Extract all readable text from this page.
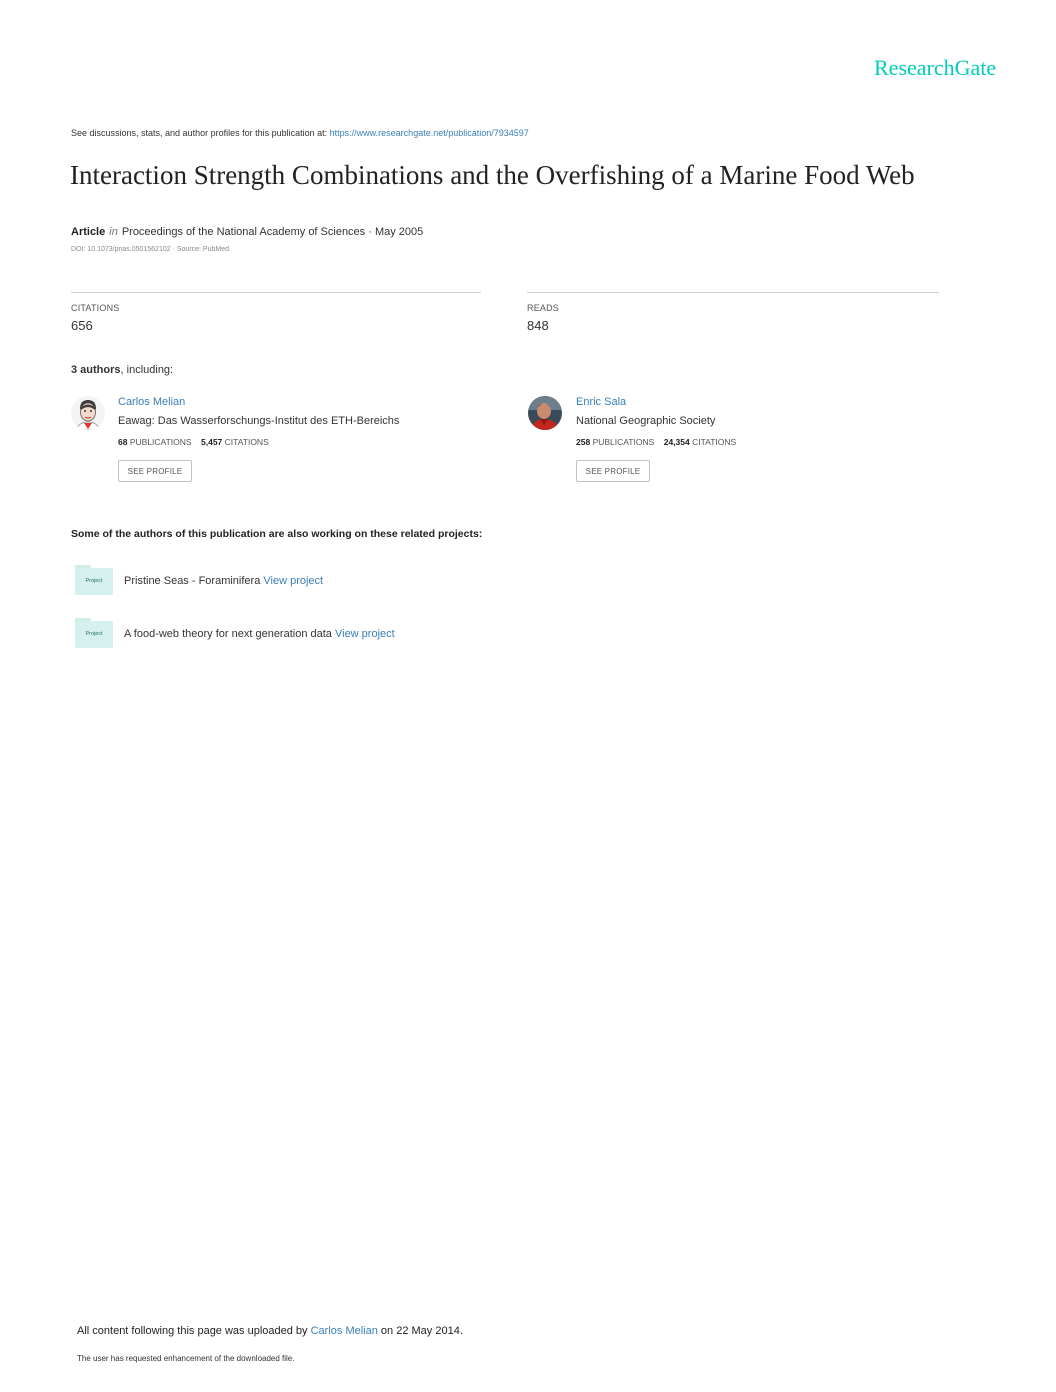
ResearchGate
See discussions, stats, and author profiles for this publication at: https://www.researchgate.net/publication/7934597
Interaction Strength Combinations and the Overfishing of a Marine Food Web
Article in Proceedings of the National Academy of Sciences · May 2005
DOI: 10.1073/pnas.0501562102 · Source: PubMed
CITATIONS
656
READS
848
3 authors, including:
Carlos Melian
Eawag: Das Wasserforschungs-Institut des ETH-Bereichs
68 PUBLICATIONS 5,457 CITATIONS
SEE PROFILE
Enric Sala
National Geographic Society
258 PUBLICATIONS 24,354 CITATIONS
SEE PROFILE
Some of the authors of this publication are also working on these related projects:
Project	Pristine Seas - Foraminifera View project
Project	A food-web theory for next generation data View project
All content following this page was uploaded by Carlos Melian on 22 May 2014.
The user has requested enhancement of the downloaded file.
